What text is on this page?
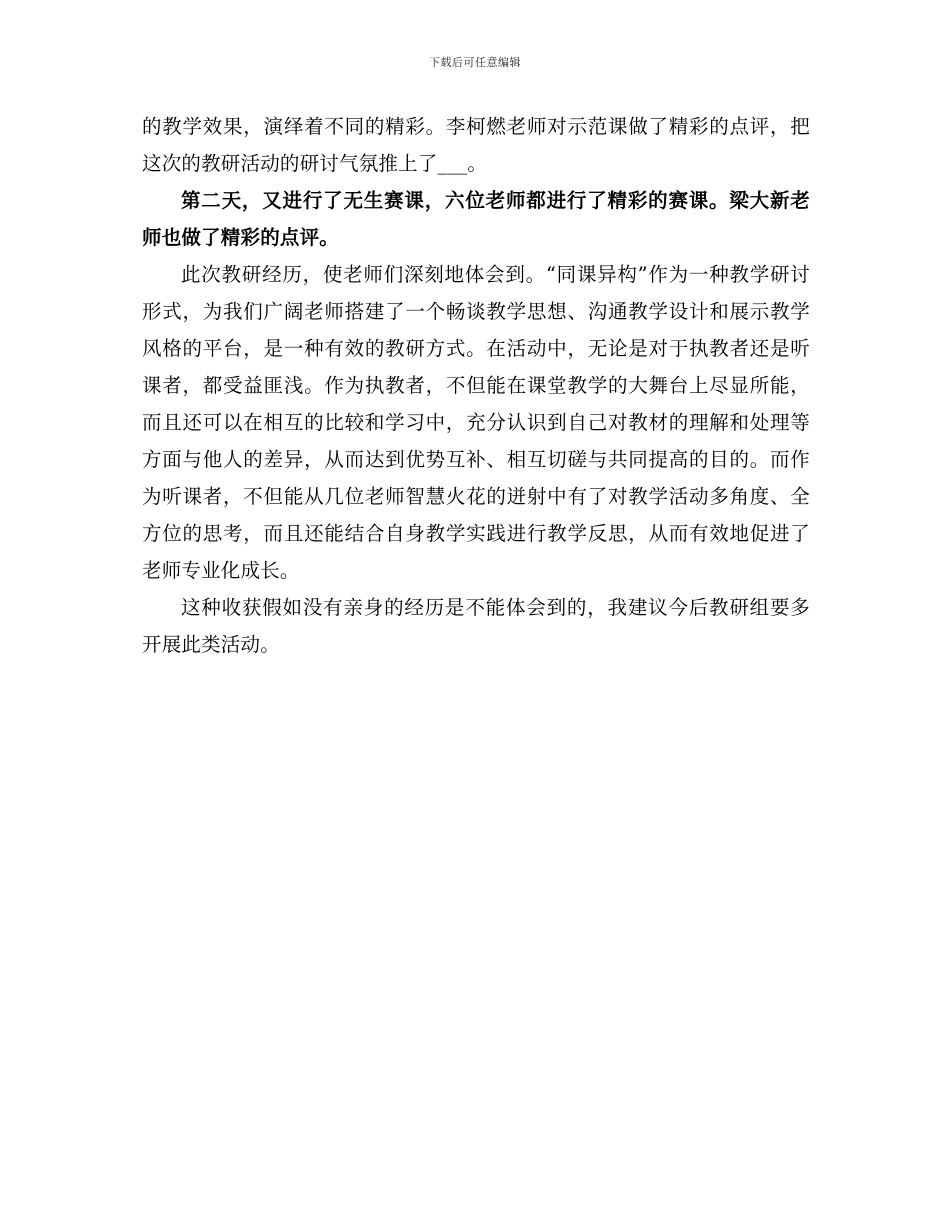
下载后可任意编辑

的教学效果，演绎着不同的精彩。李柯燃老师对示范课做了精彩的点评，把这次的教研活动的研讨气氛推上了___。

第二天，又进行了无生赛课，六位老师都进行了精彩的赛课。梁大新老师也做了精彩的点评。

此次教研经历，使老师们深刻地体会到。“同课异构”作为一种教学研讨形式，为我们广阔老师搭建了一个畅谈教学思想、沟通教学设计和展示教学风格的平台，是一种有效的教研方式。在活动中，无论是对于执教者还是听课者，都受益匪浅。作为执教者，不但能在课堂教学的大舞台上尽显所能，而且还可以在相互的比较和学习中，充分认识到自己对教材的理解和处理等方面与他人的差异，从而达到优势互补、相互切磋与共同提高的目的。而作为听课者，不但能从几位老师智慧火花的迸射中有了对教学活动多角度、全方位的思考，而且还能结合自身教学实践进行教学反思，从而有效地促进了老师专业化成长。

这种收获假如没有亲身的经历是不能体会到的，我建议今后教研组要多开展此类活动。
